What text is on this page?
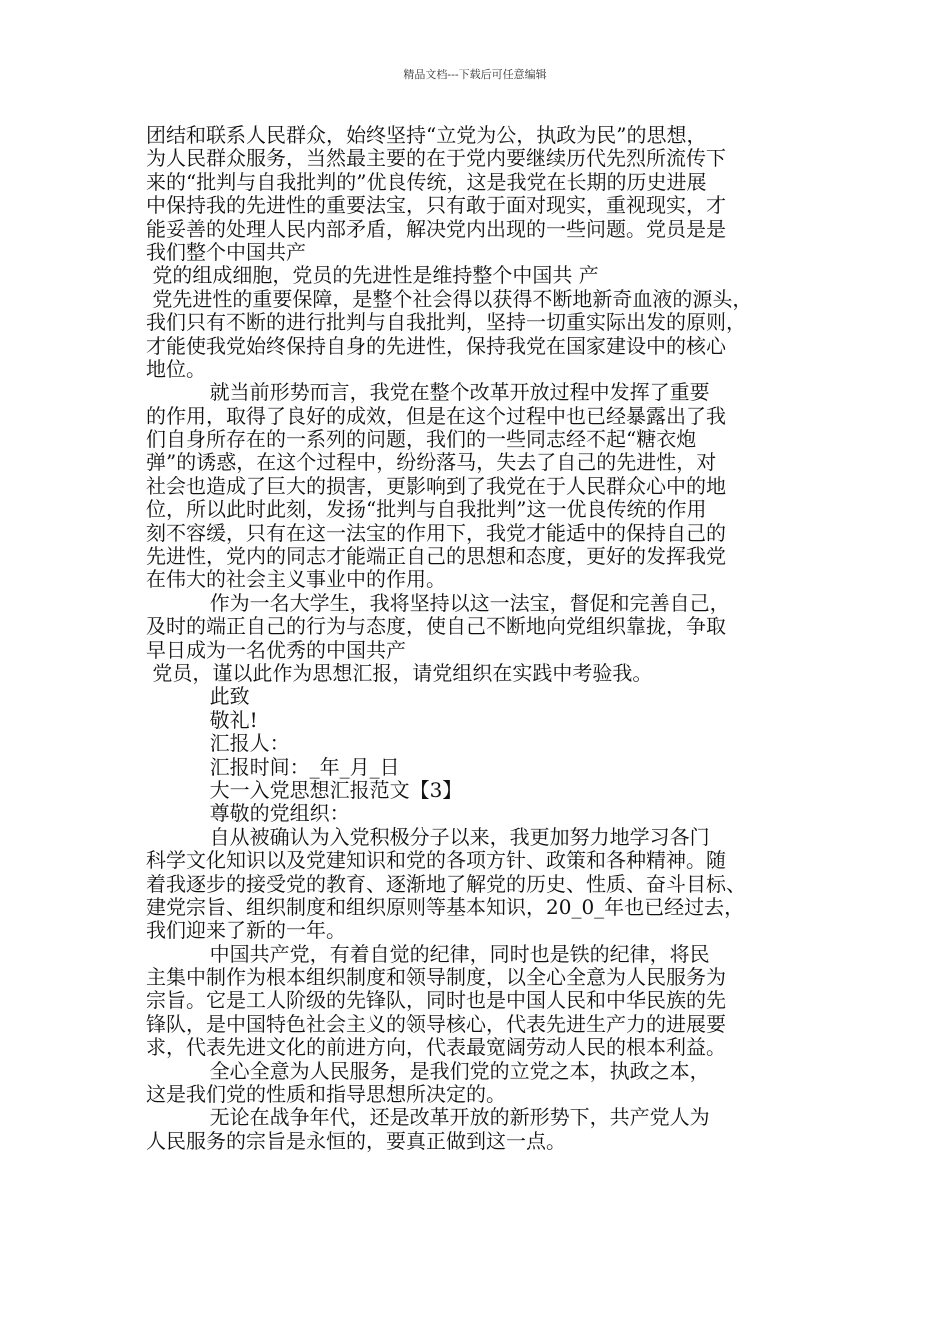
精品文档---下载后可任意编辑
团结和联系人民群众，始终坚持“立党为公，执政为民”的思想，
为人民群众服务，当然最主要的在于党内要继续历代先烈所流传下
来的“批判与自我批判的”优良传统，这是我党在长期的历史进展
中保持我的先进性的重要法宝，只有敢于面对现实，重视现实，才
能妥善的处理人民内部矛盾，解决党内出现的一些问题。党员是是
我们整个中国共产
党的组成细胞，党员的先进性是维持整个中国共 产
党先进性的重要保障，是整个社会得以获得不断地新奇血液的源头，
我们只有不断的进行批判与自我批判，坚持一切重实际出发的原则，
才能使我党始终保持自身的先进性，保持我党在国家建设中的核心
地位。
就当前形势而言，我党在整个改革开放过程中发挥了重要
的作用，取得了良好的成效，但是在这个过程中也已经暴露出了我
们自身所存在的一系列的问题，我们的一些同志经不起“糖衣炮
弹”的诱惑，在这个过程中，纷纷落马，失去了自己的先进性，对
社会也造成了巨大的损害，更影响到了我党在于人民群众心中的地
位，所以此时此刻，发扬“批判与自我批判”这一优良传统的作用
刻不容缓，只有在这一法宝的作用下，我党才能适中的保持自己的
先进性，党内的同志才能端正自己的思想和态度，更好的发挥我党
在伟大的社会主义事业中的作用。
作为一名大学生，我将坚持以这一法宝，督促和完善自己，
及时的端正自己的行为与态度，使自己不断地向党组织靠拢，争取
早日成为一名优秀的中国共产
党员，谨以此作为思想汇报，请党组织在实践中考验我。
此致
敬礼!
汇报人：
汇报时间：_年_月_日
大一入党思想汇报范文【3】
尊敬的党组织：
自从被确认为入党积极分子以来，我更加努力地学习各门
科学文化知识以及党建知识和党的各项方针、政策和各种精神。随
着我逐步的接受党的教育、逐渐地了解党的历史、性质、奋斗目标、
建党宗旨、组织制度和组织原则等基本知识，20_0_年也已经过去，
我们迎来了新的一年。
中国共产党，有着自觉的纪律，同时也是铁的纪律，将民
主集中制作为根本组织制度和领导制度，以全心全意为人民服务为
宗旨。它是工人阶级的先锋队，同时也是中国人民和中华民族的先
锋队，是中国特色社会主义的领导核心，代表先进生产力的进展要
求，代表先进文化的前进方向，代表最宽阔劳动人民的根本利益。
全心全意为人民服务，是我们党的立党之本，执政之本，
这是我们党的性质和指导思想所决定的。
无论在战争年代，还是改革开放的新形势下，共产党人为
人民服务的宗旨是永恒的，要真正做到这一点。
